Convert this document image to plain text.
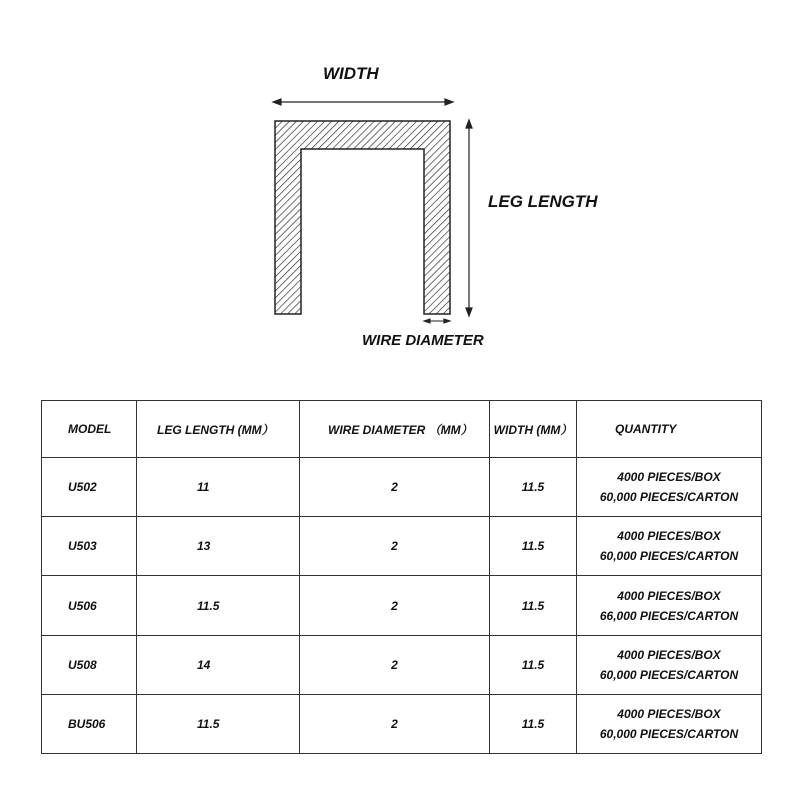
WIDTH
LEG LENGTH
WIRE DIAMETER
MODEL	LEG LENGTH (MM）	WIRE DIAMETER （MM）	WIDTH (MM）	QUANTITY
U502	11	2	11.5	4000 PIECES/BOX
60,000 PIECES/CARTON

U503	13	2	11.5	4000 PIECES/BOX
60,000 PIECES/CARTON

U506	11.5	2	11.5	4000 PIECES/BOX
66,000 PIECES/CARTON

U508	14	2	11.5	4000 PIECES/BOX
60,000 PIECES/CARTON

BU506	11.5	2	11.5	4000 PIECES/BOX
60,000 PIECES/CARTON
